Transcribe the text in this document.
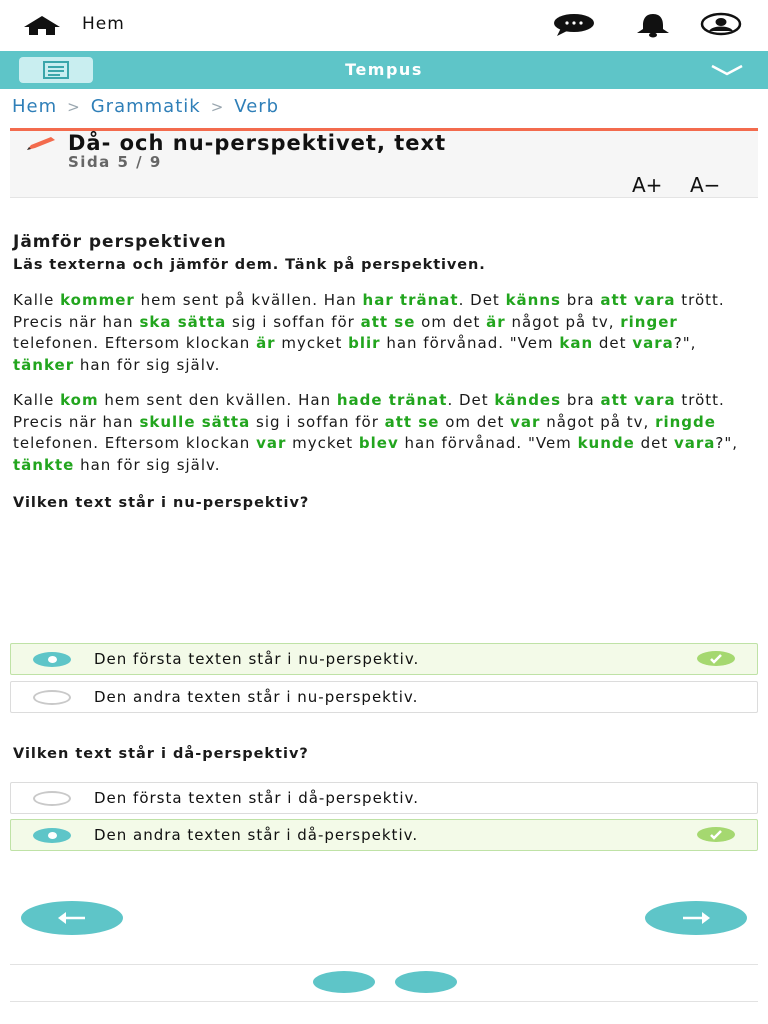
Hem
Tempus
Hem > Grammatik > Verb
Då- och nu-perspektivet, text
Sida 5 / 9
A+ A−
Jämför perspektiven
Läs texterna och jämför dem. Tänk på perspektiven.

Kalle kommer hem sent på kvällen. Han har tränat. Det känns bra att vara trött. Precis när han ska sätta sig i soffan för att se om det är något på tv, ringer telefonen. Eftersom klockan är mycket blir han förvånad. "Vem kan det vara?", tänker han för sig själv.

Kalle kom hem sent den kvällen. Han hade tränat. Det kändes bra att vara trött. Precis när han skulle sätta sig i soffan för att se om det var något på tv, ringde telefonen. Eftersom klockan var mycket blev han förvånad. "Vem kunde det vara?", tänkte han för sig själv.

Vilken text står i nu-perspektiv?
Den första texten står i nu-perspektiv.
Den andra texten står i nu-perspektiv.
Vilken text står i då-perspektiv?
Den första texten står i då-perspektiv.
Den andra texten står i då-perspektiv.
